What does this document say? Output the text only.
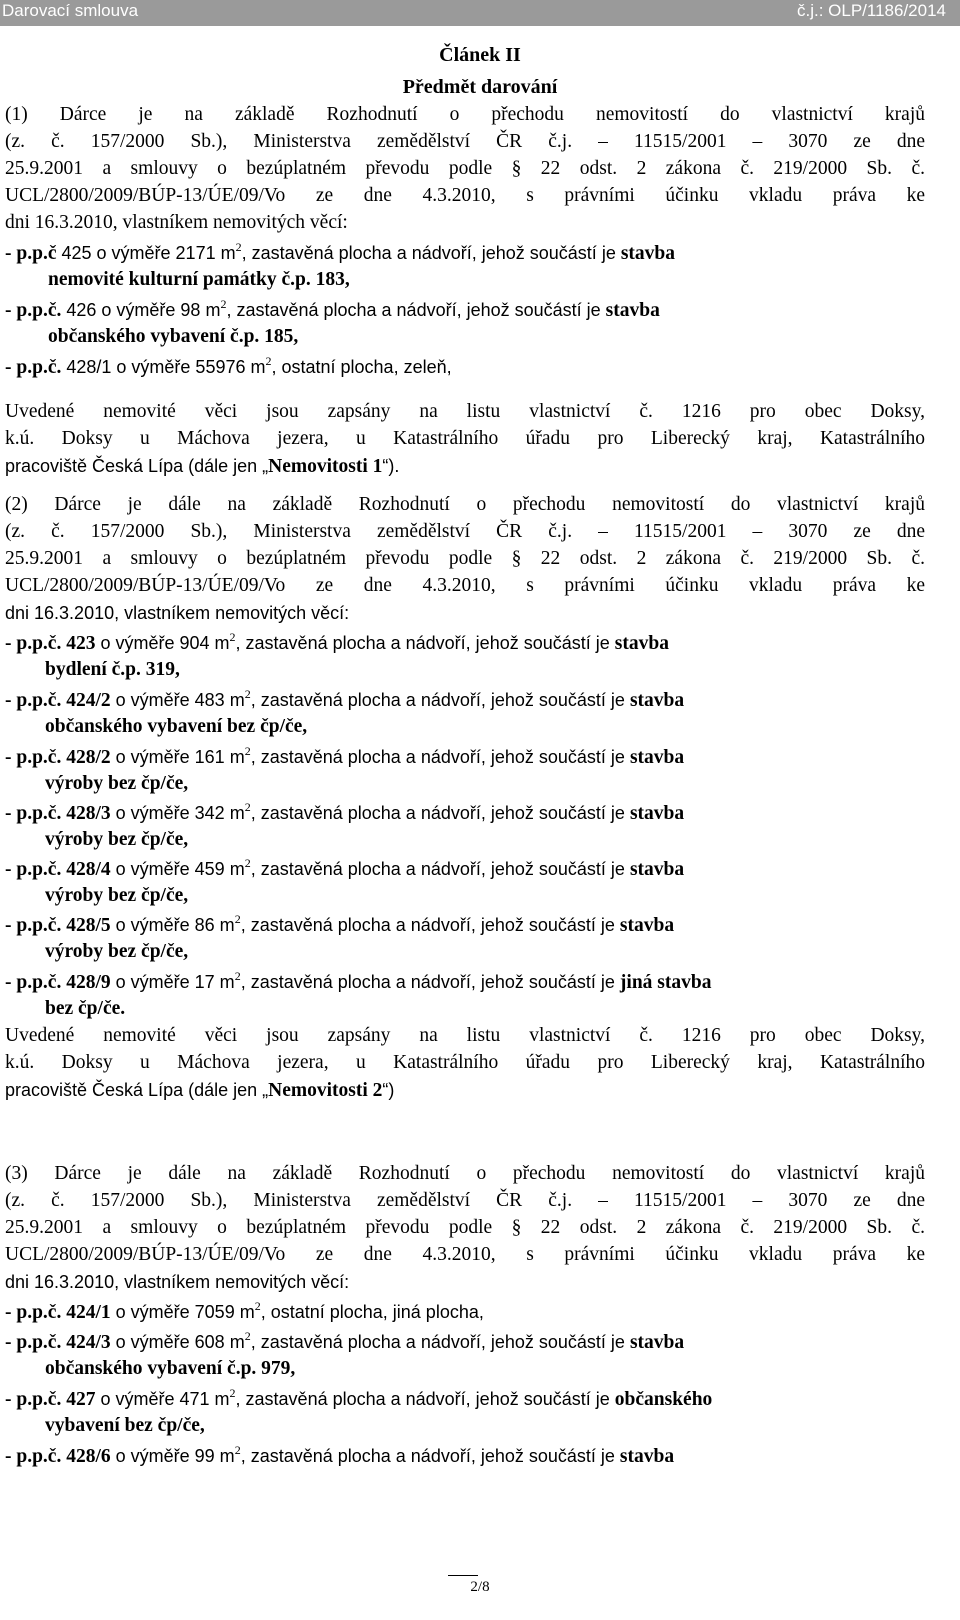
Darovací smlouva	č.j.: OLP/1186/2014
Článek II
Předmět darování
(1) Dárce je na základě Rozhodnutí o přechodu nemovitostí do vlastnictví krajů
(z. č. 157/2000 Sb.), Ministerstva zemědělství ČR č.j. – 11515/2001 – 3070 ze dne
25.9.2001 a smlouvy o bezúplatném převodu podle § 22 odst. 2 zákona č. 219/2000 Sb. č.
UCL/2800/2009/BÚP-13/ÚE/09/Vo ze dne 4.3.2010, s právními účinku vkladu práva ke
dni 16.3.2010, vlastníkem nemovitých věcí:
- p.p.č 425 o výměře 2171 $m^2$, zastavěná plocha a nádvoří, jehož součástí je stavba
nemovité kulturní památky č.p. 183,
- p.p.č. 426 o výměře 98 $m^2$, zastavěná plocha a nádvoří, jehož součástí je stavba
občanského vybavení č.p. 185,
- p.p.č. 428/1 o výměře 55976 $m^2$, ostatní plocha, zeleň,
Uvedené nemovité věci jsou zapsány na listu vlastnictví č. 1216 pro obec Doksy,
k.ú. Doksy u Máchova jezera, u Katastrálního úřadu pro Liberecký kraj, Katastrálního
pracoviště Česká Lípa (dále jen „Nemovitosti 1“).
(2) Dárce je dále na základě Rozhodnutí o přechodu nemovitostí do vlastnictví krajů
(z. č. 157/2000 Sb.), Ministerstva zemědělství ČR č.j. – 11515/2001 – 3070 ze dne
25.9.2001 a smlouvy o bezúplatném převodu podle § 22 odst. 2 zákona č. 219/2000 Sb. č.
UCL/2800/2009/BÚP-13/ÚE/09/Vo ze dne 4.3.2010, s právními účinku vkladu práva ke
dni 16.3.2010, vlastníkem nemovitých věcí:
- p.p.č. 423 o výměře 904 $m^2$, zastavěná plocha a nádvoří, jehož součástí je stavba
bydlení č.p. 319,
- p.p.č. 424/2 o výměře 483 $m^2$, zastavěná plocha a nádvoří, jehož součástí je stavba
občanského vybavení bez čp/če,
- p.p.č. 428/2 o výměře 161 $m^2$, zastavěná plocha a nádvoří, jehož součástí je stavba
výroby bez čp/če,
- p.p.č. 428/3 o výměře 342 $m^2$, zastavěná plocha a nádvoří, jehož součástí je stavba
výroby bez čp/če,
- p.p.č. 428/4 o výměře 459 $m^2$, zastavěná plocha a nádvoří, jehož součástí je stavba
výroby bez čp/če,
- p.p.č. 428/5 o výměře 86 $m^2$, zastavěná plocha a nádvoří, jehož součástí je stavba
výroby bez čp/če,
- p.p.č. 428/9 o výměře 17 $m^2$, zastavěná plocha a nádvoří, jehož součástí je jiná stavba
bez čp/če.
Uvedené nemovité věci jsou zapsány na listu vlastnictví č. 1216 pro obec Doksy,
k.ú. Doksy u Máchova jezera, u Katastrálního úřadu pro Liberecký kraj, Katastrálního
pracoviště Česká Lípa (dále jen „Nemovitosti 2“)
(3) Dárce je dále na základě Rozhodnutí o přechodu nemovitostí do vlastnictví krajů
(z. č. 157/2000 Sb.), Ministerstva zemědělství ČR č.j. – 11515/2001 – 3070 ze dne
25.9.2001 a smlouvy o bezúplatném převodu podle § 22 odst. 2 zákona č. 219/2000 Sb. č.
UCL/2800/2009/BÚP-13/ÚE/09/Vo ze dne 4.3.2010, s právními účinku vkladu práva ke
dni 16.3.2010, vlastníkem nemovitých věcí:
- p.p.č. 424/1 o výměře 7059 $m^2$, ostatní plocha, jiná plocha,
- p.p.č. 424/3 o výměře 608 $m^2$, zastavěná plocha a nádvoří, jehož součástí je stavba
občanského vybavení č.p. 979,
- p.p.č. 427 o výměře 471 $m^2$, zastavěná plocha a nádvoří, jehož součástí je občanského
vybavení bez čp/če,
- p.p.č. 428/6 o výměře 99 $m^2$, zastavěná plocha a nádvoří, jehož součástí je stavba
2/8
